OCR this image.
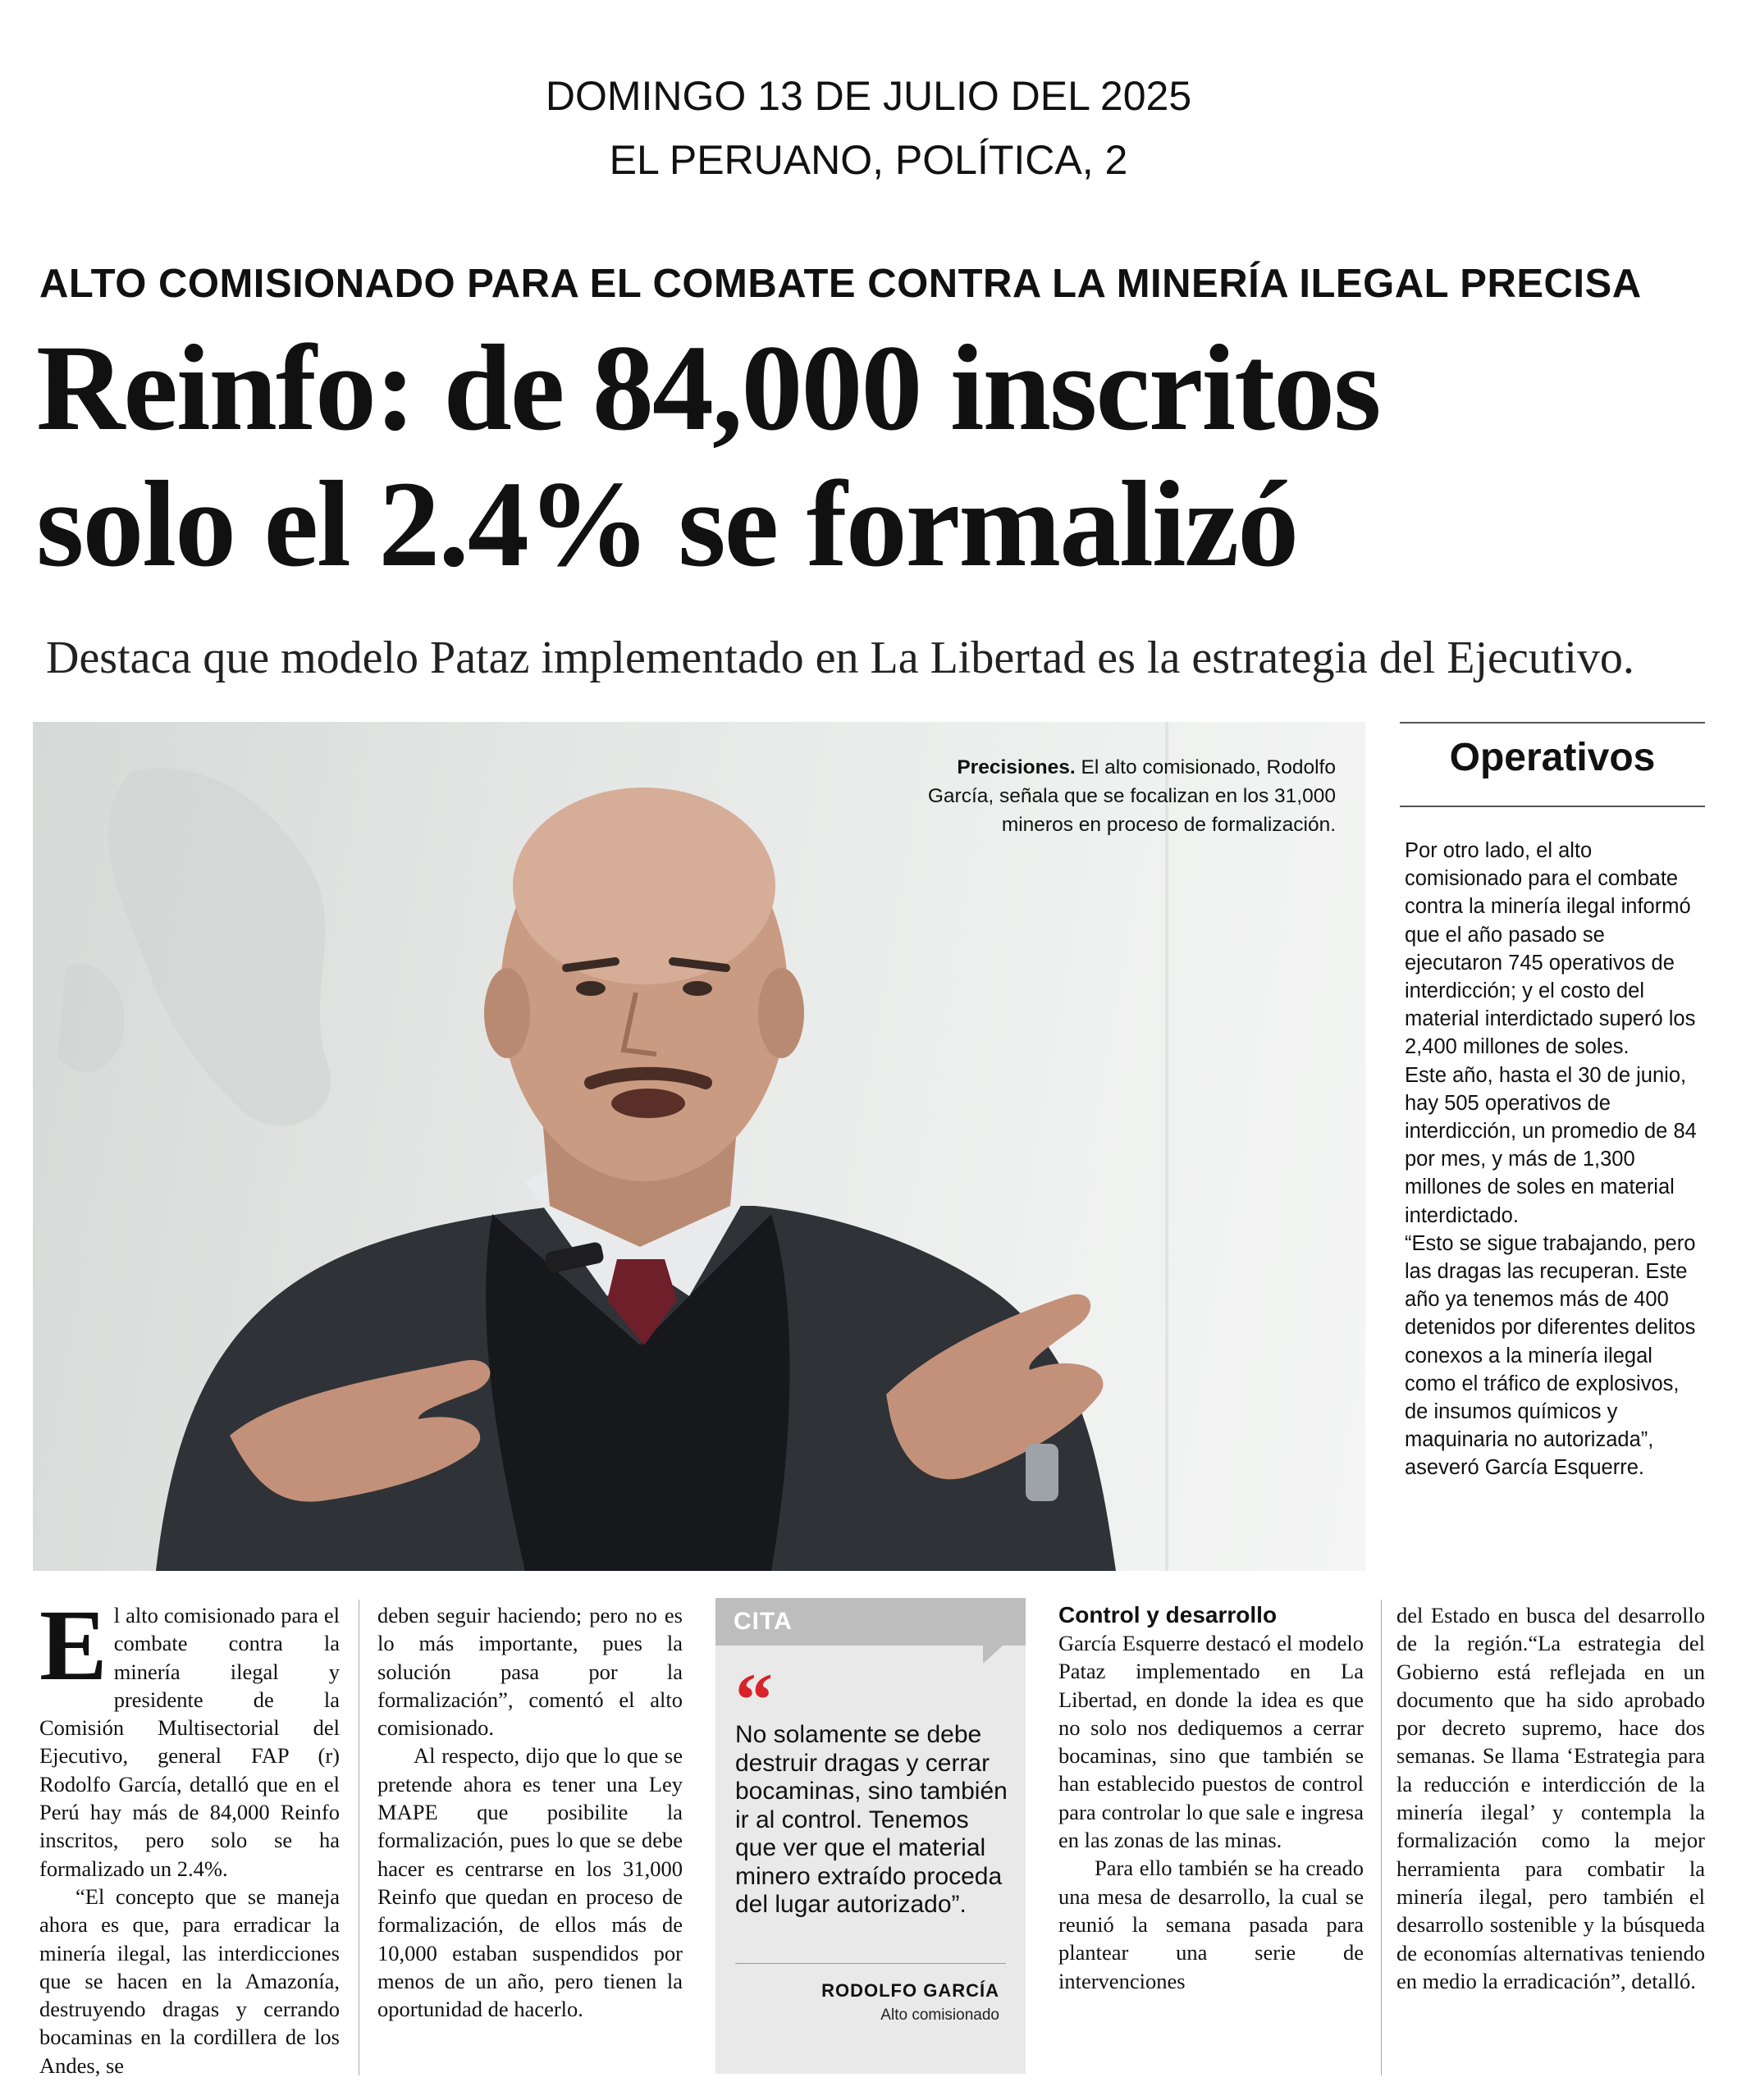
DOMINGO 13 DE JULIO DEL 2025
EL PERUANO, POLÍTICA, 2
ALTO COMISIONADO PARA EL COMBATE CONTRA LA MINERÍA ILEGAL PRECISA
Reinfo: de 84,000 inscritos
solo el 2.4% se formalizó
Destaca que modelo Pataz implementado en La Libertad es la estrategia del Ejecutivo.
Precisiones. El alto comisionado, Rodolfo García, señala que se focalizan en los 31,000 mineros en proceso de formalización.
Operativos

Por otro lado, el alto comisionado para el combate contra la minería ilegal informó que el año pasado se ejecutaron 745 operativos de interdicción; y el costo del material interdictado superó los 2,400 millones de soles.

Este año, hasta el 30 de junio, hay 505 operativos de interdicción, un promedio de 84 por mes, y más de 1,300 millones de soles en material interdictado.

“Esto se sigue trabajando, pero las dragas las recuperan. Este año ya tenemos más de 400 detenidos por diferentes delitos conexos a la minería ilegal como el tráfico de explosivos, de insumos químicos y maquinaria no autorizada”, aseveró García Esquerre.

E l alto comisionado para el combate contra la minería ilegal y presidente de la Comisión Multisectorial del Ejecutivo, general FAP (r) Rodolfo García, detalló que en el Perú hay más de 84,000 Reinfo inscritos, pero solo se ha formalizado un 2.4%.

“El concepto que se maneja ahora es que, para erradicar la minería ilegal, las interdicciones que se hacen en la Amazonía, destruyendo dragas y cerrando bocaminas en la cordillera de los Andes, se

deben seguir haciendo; pero no es lo más importante, pues la solución pasa por la formalización”, comentó el alto comisionado.

Al respecto, dijo que lo que se pretende ahora es tener una Ley MAPE que posibilite la formalización, pues lo que se debe hacer es centrarse en los 31,000 Reinfo que quedan en proceso de formalización, de ellos más de 10,000 estaban suspendidos por menos de un año, pero tienen la oportunidad de hacerlo.

CITA
“
No solamente se debe destruir dragas y cerrar bocaminas, sino también ir al control. Tenemos que ver que el material minero extraído proceda del lugar autorizado”.
RODOLFO GARCÍA
Alto comisionado
Control y desarrollo

García Esquerre destacó el modelo Pataz implementado en La Libertad, en donde la idea es que no solo nos dediquemos a cerrar bocaminas, sino que también se han establecido puestos de control para controlar lo que sale e ingresa en las zonas de las minas.

Para ello también se ha creado una mesa de desarrollo, la cual se reunió la semana pasada para plantear una serie de intervenciones

del Estado en busca del desarrollo de la región.“La estrategia del Gobierno está reflejada en un documento que ha sido aprobado por decreto supremo, hace dos semanas. Se llama ‘Estrategia para la reducción e interdicción de la minería ilegal’ y contempla la formalización como la mejor herramienta para combatir la minería ilegal, pero también el desarrollo sostenible y la búsqueda de economías alternativas teniendo en medio la erradicación”, detalló.
